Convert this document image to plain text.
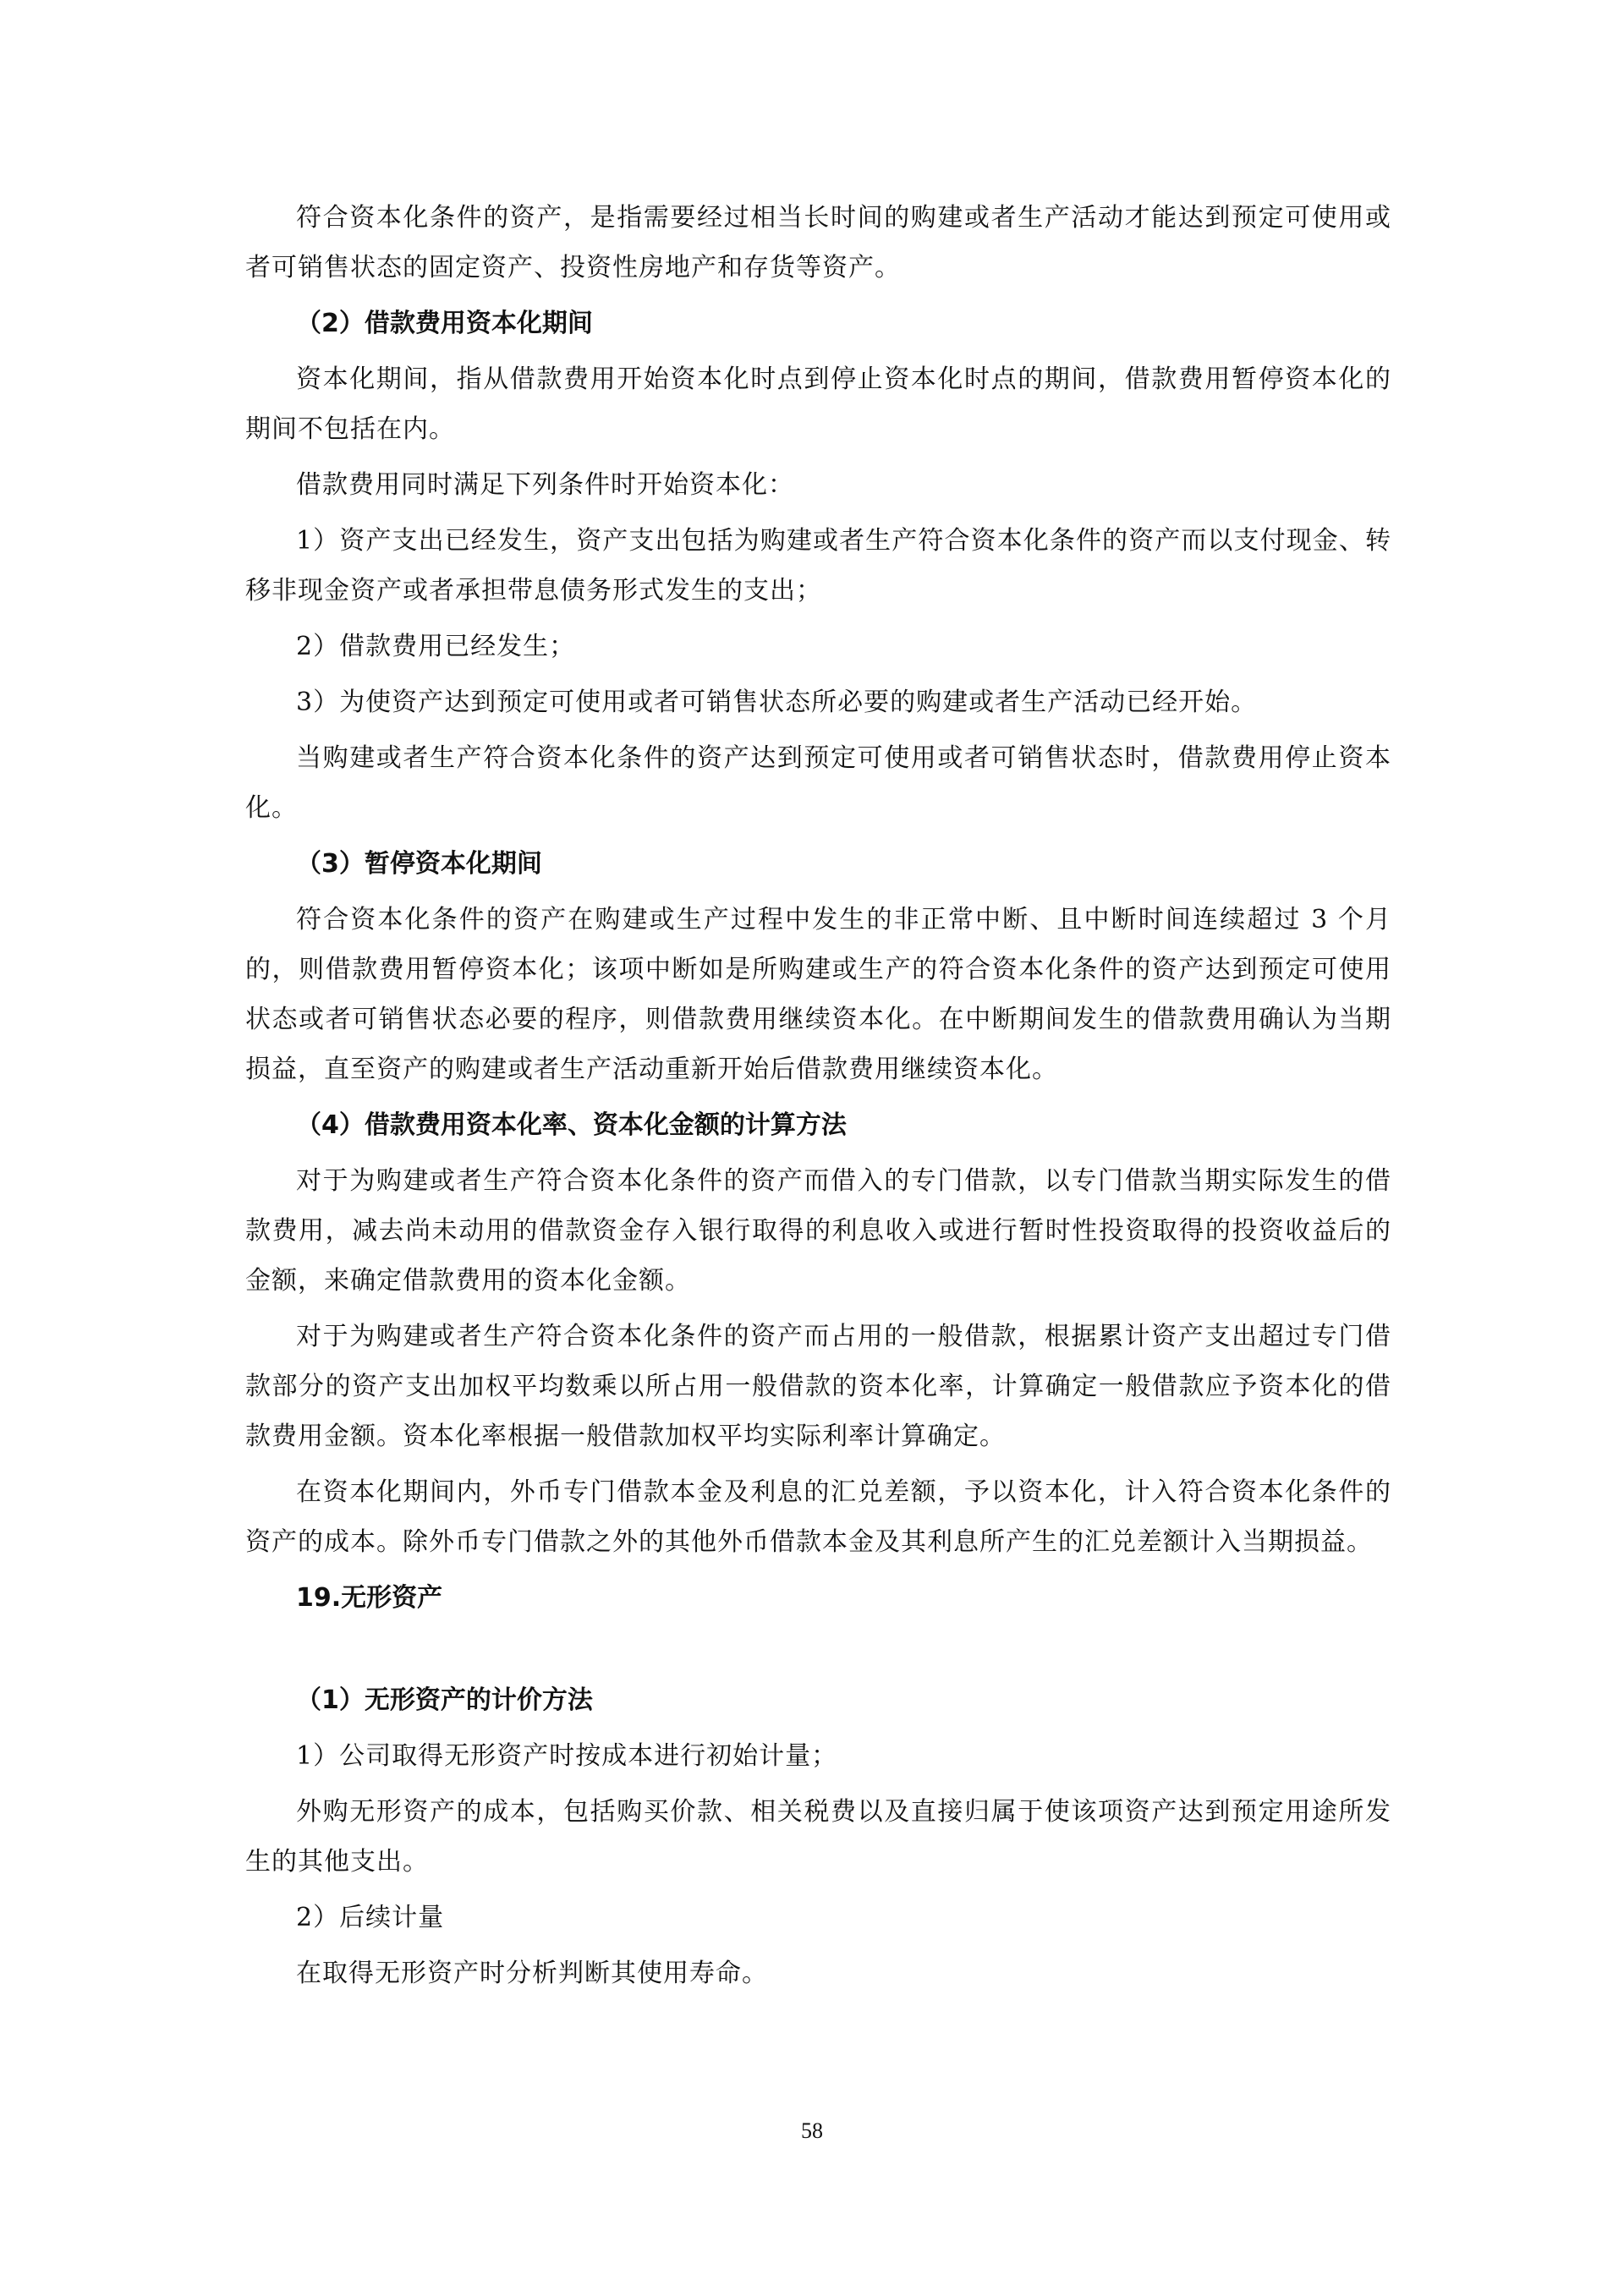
符合资本化条件的资产，是指需要经过相当长时间的购建或者生产活动才能达到预定可使用或者可销售状态的固定资产、投资性房地产和存货等资产。

（2）借款费用资本化期间

资本化期间，指从借款费用开始资本化时点到停止资本化时点的期间，借款费用暂停资本化的期间不包括在内。

借款费用同时满足下列条件时开始资本化：

1）资产支出已经发生，资产支出包括为购建或者生产符合资本化条件的资产而以支付现金、转移非现金资产或者承担带息债务形式发生的支出；

2）借款费用已经发生；

3）为使资产达到预定可使用或者可销售状态所必要的购建或者生产活动已经开始。

当购建或者生产符合资本化条件的资产达到预定可使用或者可销售状态时，借款费用停止资本化。

（3）暂停资本化期间

符合资本化条件的资产在购建或生产过程中发生的非正常中断、且中断时间连续超过 3 个月的，则借款费用暂停资本化；该项中断如是所购建或生产的符合资本化条件的资产达到预定可使用状态或者可销售状态必要的程序，则借款费用继续资本化。在中断期间发生的借款费用确认为当期损益，直至资产的购建或者生产活动重新开始后借款费用继续资本化。

（4）借款费用资本化率、资本化金额的计算方法

对于为购建或者生产符合资本化条件的资产而借入的专门借款，以专门借款当期实际发生的借款费用，减去尚未动用的借款资金存入银行取得的利息收入或进行暂时性投资取得的投资收益后的金额，来确定借款费用的资本化金额。

对于为购建或者生产符合资本化条件的资产而占用的一般借款，根据累计资产支出超过专门借款部分的资产支出加权平均数乘以所占用一般借款的资本化率，计算确定一般借款应予资本化的借款费用金额。资本化率根据一般借款加权平均实际利率计算确定。

在资本化期间内，外币专门借款本金及利息的汇兑差额，予以资本化，计入符合资本化条件的资产的成本。除外币专门借款之外的其他外币借款本金及其利息所产生的汇兑差额计入当期损益。

19.无形资产

（1）无形资产的计价方法

1）公司取得无形资产时按成本进行初始计量；

外购无形资产的成本，包括购买价款、相关税费以及直接归属于使该项资产达到预定用途所发生的其他支出。

2）后续计量

在取得无形资产时分析判断其使用寿命。

58
